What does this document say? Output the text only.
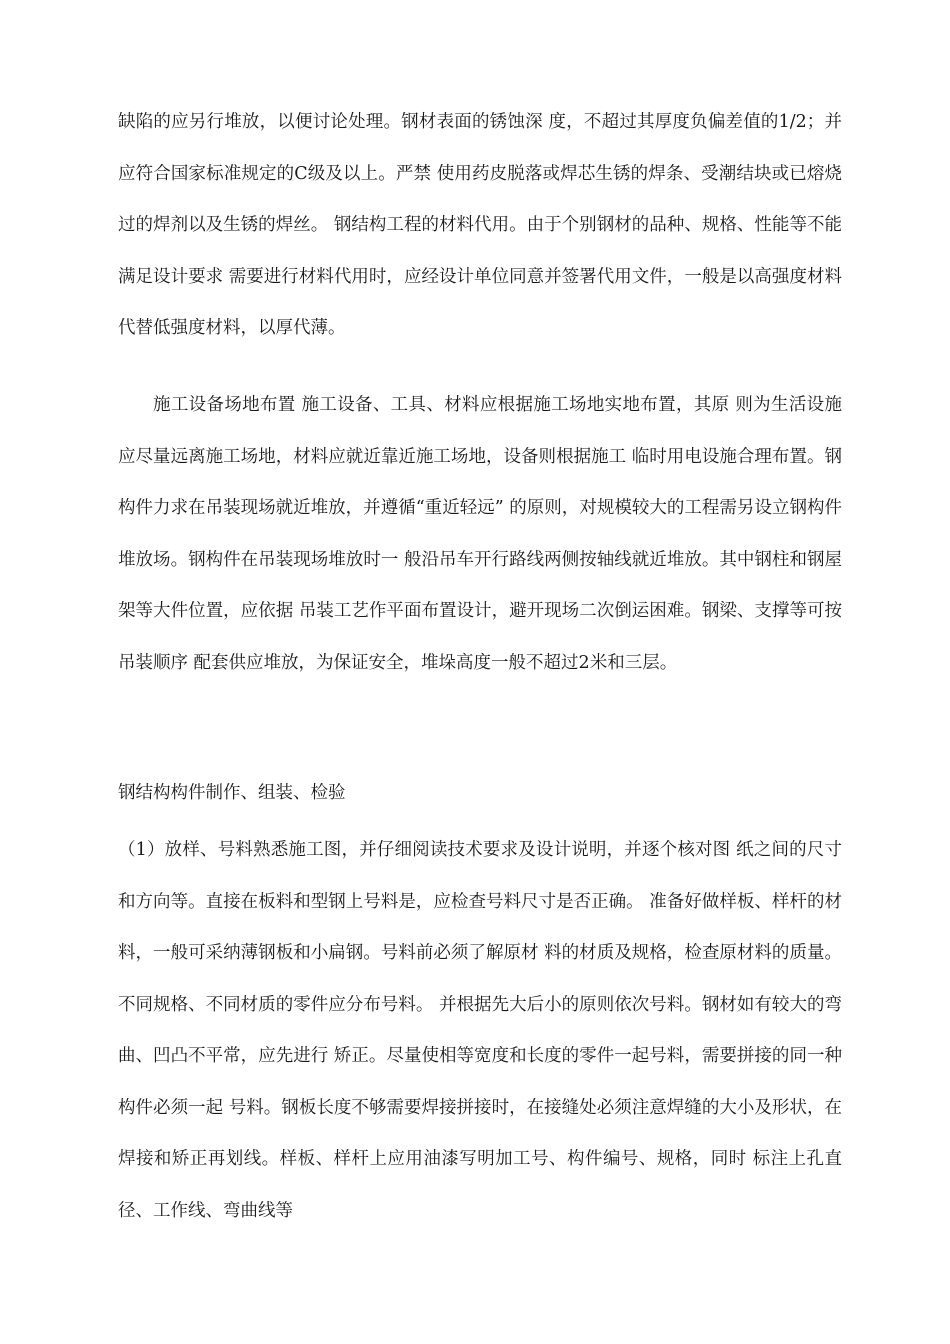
缺陷的应另行堆放，以便讨论处理。钢材表面的锈蚀深 度，不超过其厚度负偏差值的1/2；并应符合国家标准规定的C级及以上。严禁 使用药皮脱落或焊芯生锈的焊条、受潮结块或已熔烧过的焊剂以及生锈的焊丝。 钢结构工程的材料代用。由于个别钢材的品种、规格、性能等不能满足设计要求 需要进行材料代用时，应经设计单位同意并签署代用文件，一般是以高强度材料 代替低强度材料，以厚代薄。

施工设备场地布置 施工设备、工具、材料应根据施工场地实地布置，其原 则为生活设施应尽量远离施工场地，材料应就近靠近施工场地，设备则根据施工 临时用电设施合理布置。钢构件力求在吊装现场就近堆放，并遵循“重近轻远” 的原则，对规模较大的工程需另设立钢构件堆放场。钢构件在吊装现场堆放时一 般沿吊车开行路线两侧按轴线就近堆放。其中钢柱和钢屋架等大件位置，应依据 吊装工艺作平面布置设计，避开现场二次倒运困难。钢梁、支撑等可按吊装顺序 配套供应堆放，为保证安全，堆垛高度一般不超过2米和三层。

钢结构构件制作、组装、检验

（1）放样、号料熟悉施工图，并仔细阅读技术要求及设计说明，并逐个核对图 纸之间的尺寸和方向等。直接在板料和型钢上号料是，应检查号料尺寸是否正确。 准备好做样板、样杆的材料，一般可采纳薄钢板和小扁钢。号料前必须了解原材 料的材质及规格，检查原材料的质量。不同规格、不同材质的零件应分布号料。 并根据先大后小的原则依次号料。钢材如有较大的弯曲、凹凸不平常，应先进行 矫正。尽量使相等宽度和长度的零件一起号料，需要拼接的同一种构件必须一起 号料。钢板长度不够需要焊接拼接时，在接缝处必须注意焊缝的大小及形状，在 焊接和矫正再划线。样板、样杆上应用油漆写明加工号、构件编号、规格，同时 标注上孔直径、工作线、弯曲线等
